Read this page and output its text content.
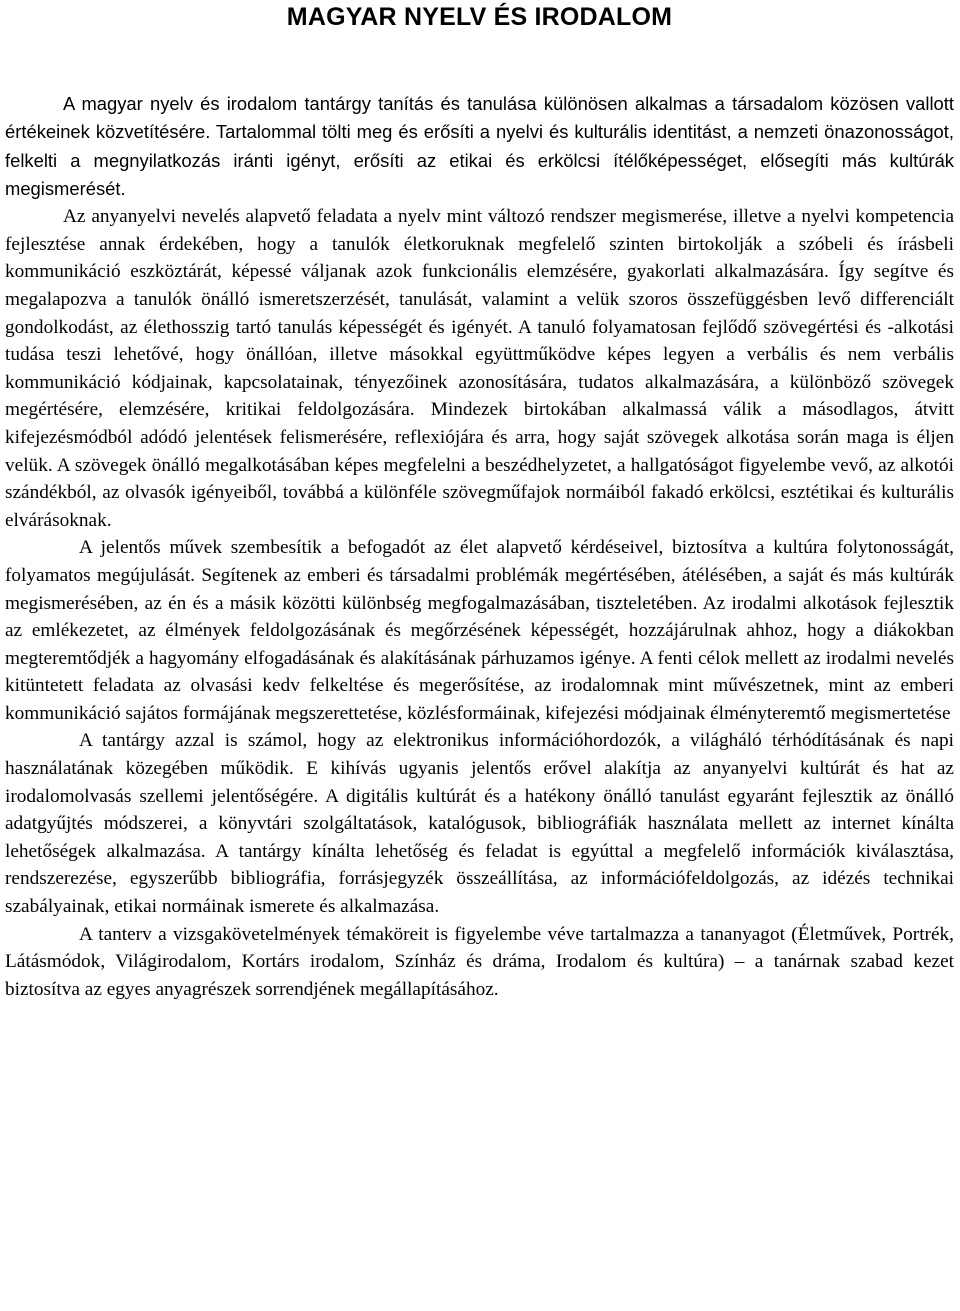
MAGYAR NYELV ÉS IRODALOM

A magyar nyelv és irodalom tantárgy tanítás és tanulása különösen alkalmas a társadalom közösen vallott értékeinek közvetítésére. Tartalommal tölti meg és erősíti a nyelvi és kulturális identitást, a nemzeti önazonosságot, felkelti a megnyilatkozás iránti igényt, erősíti az etikai és erkölcsi ítélőképességet, elősegíti más kultúrák megismerését.

Az anyanyelvi nevelés alapvető feladata a nyelv mint változó rendszer megismerése, illetve a nyelvi kompetencia fejlesztése annak érdekében, hogy a tanulók életkoruknak megfelelő szinten birtokolják a szóbeli és írásbeli kommunikáció eszköztárát, képessé váljanak azok funkcionális elemzésére, gyakorlati alkalmazására. Így segítve és megalapozva a tanulók önálló ismeretszerzését, tanulását, valamint a velük szoros összefüggésben levő differenciált gondolkodást, az élethosszig tartó tanulás képességét és igényét. A tanuló folyamatosan fejlődő szövegértési és -alkotási tudása teszi lehetővé, hogy önállóan, illetve másokkal együttműködve képes legyen a verbális és nem verbális kommunikáció kódjainak, kapcsolatainak, tényezőinek azonosítására, tudatos alkalmazására, a különböző szövegek megértésére, elemzésére, kritikai feldolgozására. Mindezek birtokában alkalmassá válik a másodlagos, átvitt kifejezésmódból adódó jelentések felismerésére, reflexiójára és arra, hogy saját szövegek alkotása során maga is éljen velük. A szövegek önálló megalkotásában képes megfelelni a beszédhelyzetet, a hallgatóságot figyelembe vevő, az alkotói szándékból, az olvasók igényeiből, továbbá a különféle szövegműfajok normáiból fakadó erkölcsi, esztétikai és kulturális elvárásoknak.

A jelentős művek szembesítik a befogadót az élet alapvető kérdéseivel, biztosítva a kultúra folytonosságát, folyamatos megújulását. Segítenek az emberi és társadalmi problémák megértésében, átélésében, a saját és más kultúrák megismerésében, az én és a másik közötti különbség megfogalmazásában, tiszteletében. Az irodalmi alkotások fejlesztik az emlékezetet, az élmények feldolgozásának és megőrzésének képességét, hozzájárulnak ahhoz, hogy a diákokban megteremtődjék a hagyomány elfogadásának és alakításának párhuzamos igénye. A fenti célok mellett az irodalmi nevelés kitüntetett feladata az olvasási kedv felkeltése és megerősítése, az irodalomnak mint művészetnek, mint az emberi kommunikáció sajátos formájának megszerettetése, közlésformáinak, kifejezési módjainak élményteremtő megismertetése

A tantárgy azzal is számol, hogy az elektronikus információhordozók, a világháló térhódításának és napi használatának közegében működik. E kihívás ugyanis jelentős erővel alakítja az anyanyelvi kultúrát és hat az irodalomolvasás szellemi jelentőségére. A digitális kultúrát és a hatékony önálló tanulást egyaránt fejlesztik az önálló adatgyűjtés módszerei, a könyvtári szolgáltatások, katalógusok, bibliográfiák használata mellett az internet kínálta lehetőségek alkalmazása. A tantárgy kínálta lehetőség és feladat is egyúttal a megfelelő információk kiválasztása, rendszerezése, egyszerűbb bibliográfia, forrásjegyzék összeállítása, az információfeldolgozás, az idézés technikai szabályainak, etikai normáinak ismerete és alkalmazása.

A tanterv a vizsgakövetelmények témaköreit is figyelembe véve tartalmazza a tananyagot (Életművek, Portrék, Látásmódok, Világirodalom, Kortárs irodalom, Színház és dráma, Irodalom és kultúra) – a tanárnak szabad kezet biztosítva az egyes anyagrészek sorrendjének megállapításához.
